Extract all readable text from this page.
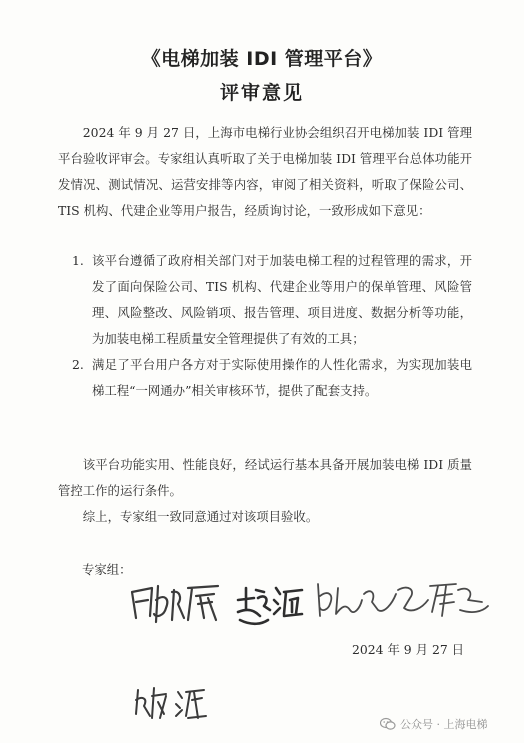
《电梯加装 IDI 管理平台》
评审意见

2024 年 9 月 27 日，上海市电梯行业协会组织召开电梯加装 IDI 管理平台验收评审会。专家组认真听取了关于电梯加装 IDI 管理平台总体功能开发情况、测试情况、运营安排等内容，审阅了相关资料，听取了保险公司、TIS 机构、代建企业等用户报告，经质询讨论，一致形成如下意见：

1. 该平台遵循了政府相关部门对于加装电梯工程的过程管理的需求，开发了面向保险公司、TIS 机构、代建企业等用户的保单管理、风险管理、风险整改、风险销项、报告管理、项目进度、数据分析等功能，为加装电梯工程质量安全管理提供了有效的工具；
2. 满足了平台用户各方对于实际使用操作的人性化需求，为实现加装电梯工程“一网通办”相关审核环节，提供了配套支持。

该平台功能实用、性能良好，经试运行基本具备开展加装电梯 IDI 质量管控工作的运行条件。

综上，专家组一致同意通过对该项目验收。

专家组：
2024 年 9 月 27 日
公众号 · 上海电梯
